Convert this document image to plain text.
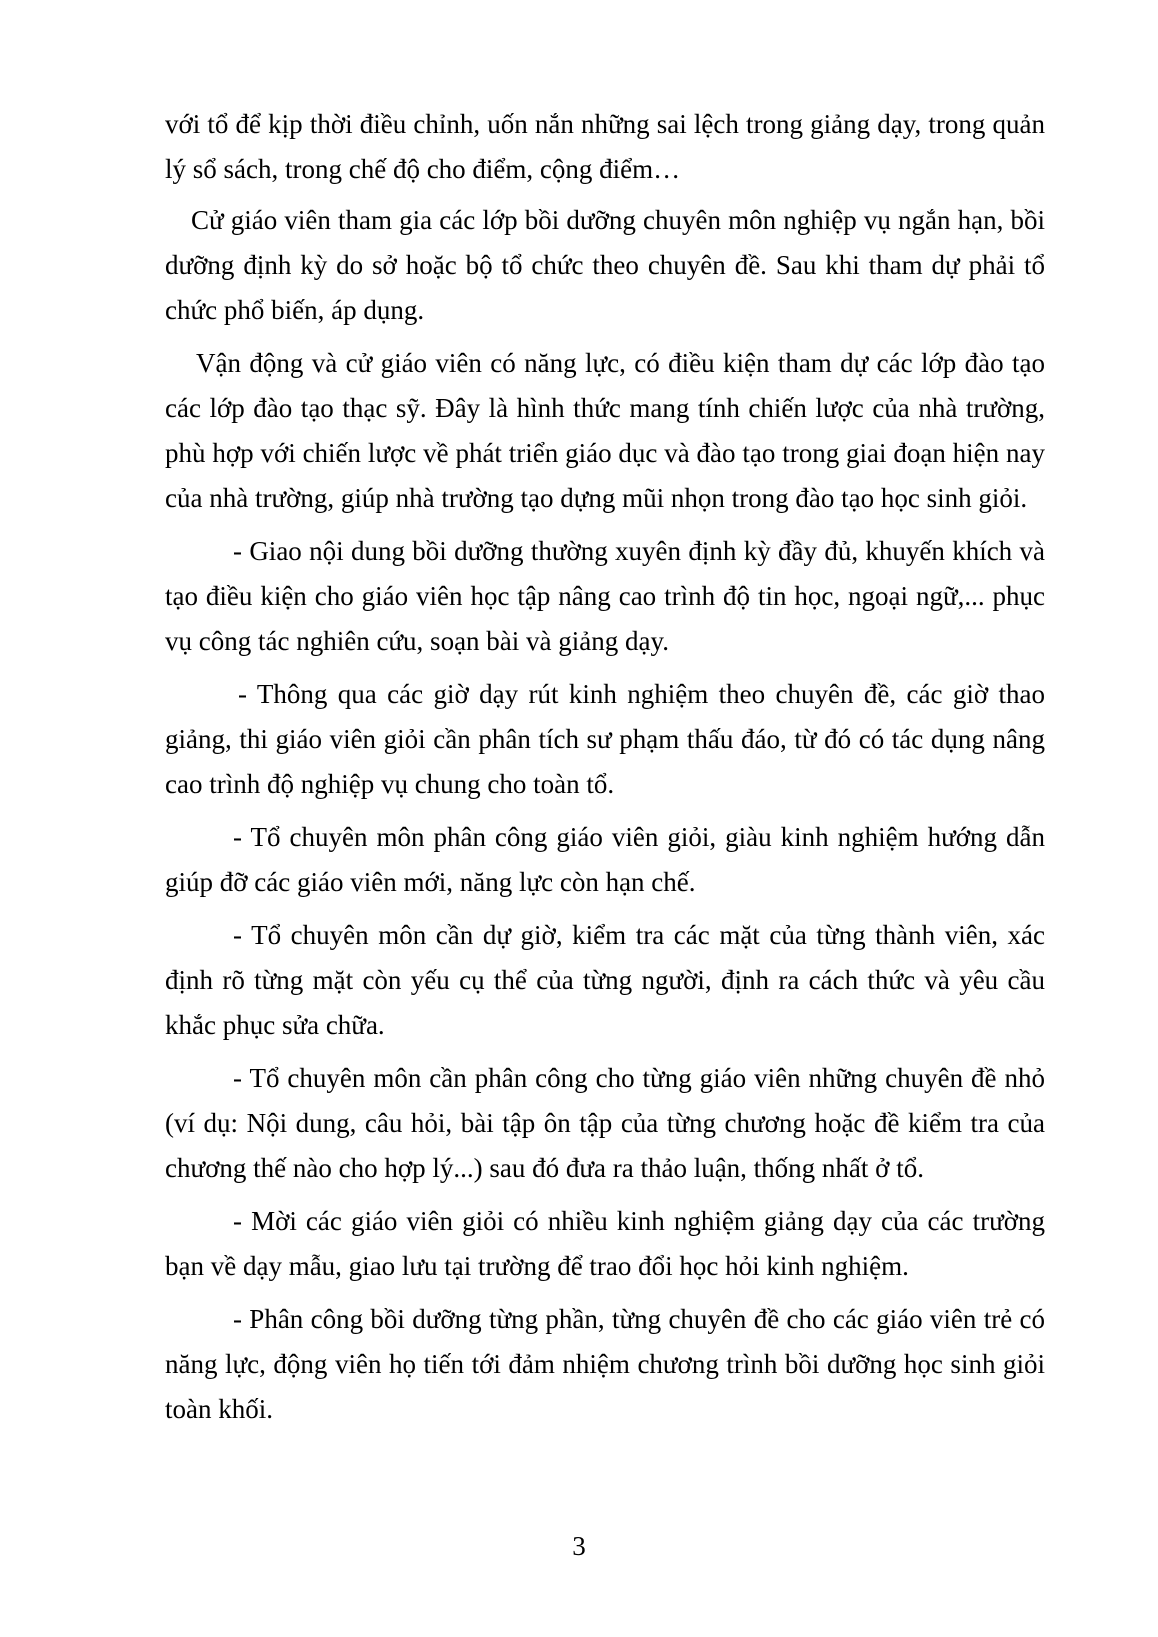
với tổ để kịp thời điều chỉnh, uốn nắn những sai lệch trong giảng dạy, trong quản lý sổ sách, trong chế độ cho điểm, cộng điểm…

Cử giáo viên tham gia các lớp bồi dưỡng chuyên môn nghiệp vụ ngắn hạn, bồi dưỡng định kỳ do sở hoặc bộ tổ chức theo chuyên đề. Sau khi tham dự phải tổ chức phổ biến, áp dụng.

Vận động và cử giáo viên có năng lực, có điều kiện tham dự các lớp đào tạo các lớp đào tạo thạc sỹ. Đây là hình thức mang tính chiến lược của nhà trường, phù hợp với chiến lược về phát triển giáo dục và đào tạo trong giai đoạn hiện nay của nhà trường, giúp nhà trường tạo dựng mũi nhọn trong đào tạo học sinh giỏi.

- Giao nội dung bồi dưỡng thường xuyên định kỳ đầy đủ, khuyến khích và tạo điều kiện cho giáo viên học tập nâng cao trình độ tin học, ngoại ngữ,... phục vụ công tác nghiên cứu, soạn bài và giảng dạy.

- Thông qua các giờ dạy rút kinh nghiệm theo chuyên đề, các giờ thao giảng, thi giáo viên giỏi cần phân tích sư phạm thấu đáo, từ đó có tác dụng nâng cao trình độ nghiệp vụ chung cho toàn tổ.

- Tổ chuyên môn phân công giáo viên giỏi, giàu kinh nghiệm hướng dẫn giúp đỡ các giáo viên mới, năng lực còn hạn chế.

- Tổ chuyên môn cần dự giờ, kiểm tra các mặt của từng thành viên, xác định rõ từng mặt còn yếu cụ thể của từng người, định ra cách thức và yêu cầu khắc phục sửa chữa.

- Tổ chuyên môn cần phân công cho từng giáo viên những chuyên đề nhỏ (ví dụ: Nội dung, câu hỏi, bài tập ôn tập của từng chương hoặc đề kiểm tra của chương thế nào cho hợp lý...) sau đó đưa ra thảo luận, thống nhất ở tổ.

- Mời các giáo viên giỏi có nhiều kinh nghiệm giảng dạy của các trường bạn về dạy mẫu, giao lưu tại trường để trao đổi học hỏi kinh nghiệm.

- Phân công bồi dưỡng từng phần, từng chuyên đề cho các giáo viên trẻ có năng lực, động viên họ tiến tới đảm nhiệm chương trình bồi dưỡng học sinh giỏi toàn khối.

3
